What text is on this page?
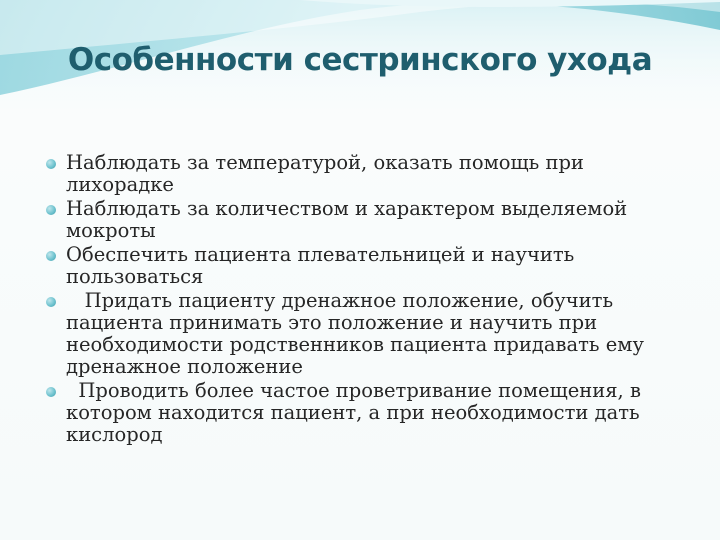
Особенности сестринского ухода
Наблюдать за температурой, оказать помощь при лихорадке
Наблюдать за количеством и характером выделяемой мокроты
Обеспечить пациента плевательницей и научить пользоваться
Придать пациенту дренажное положение, обучить пациента принимать это положение и научить при необходимости родственников пациента придавать ему дренажное положение
Проводить более частое проветривание помещения, в котором находится пациент, а при необходимости дать кислород
